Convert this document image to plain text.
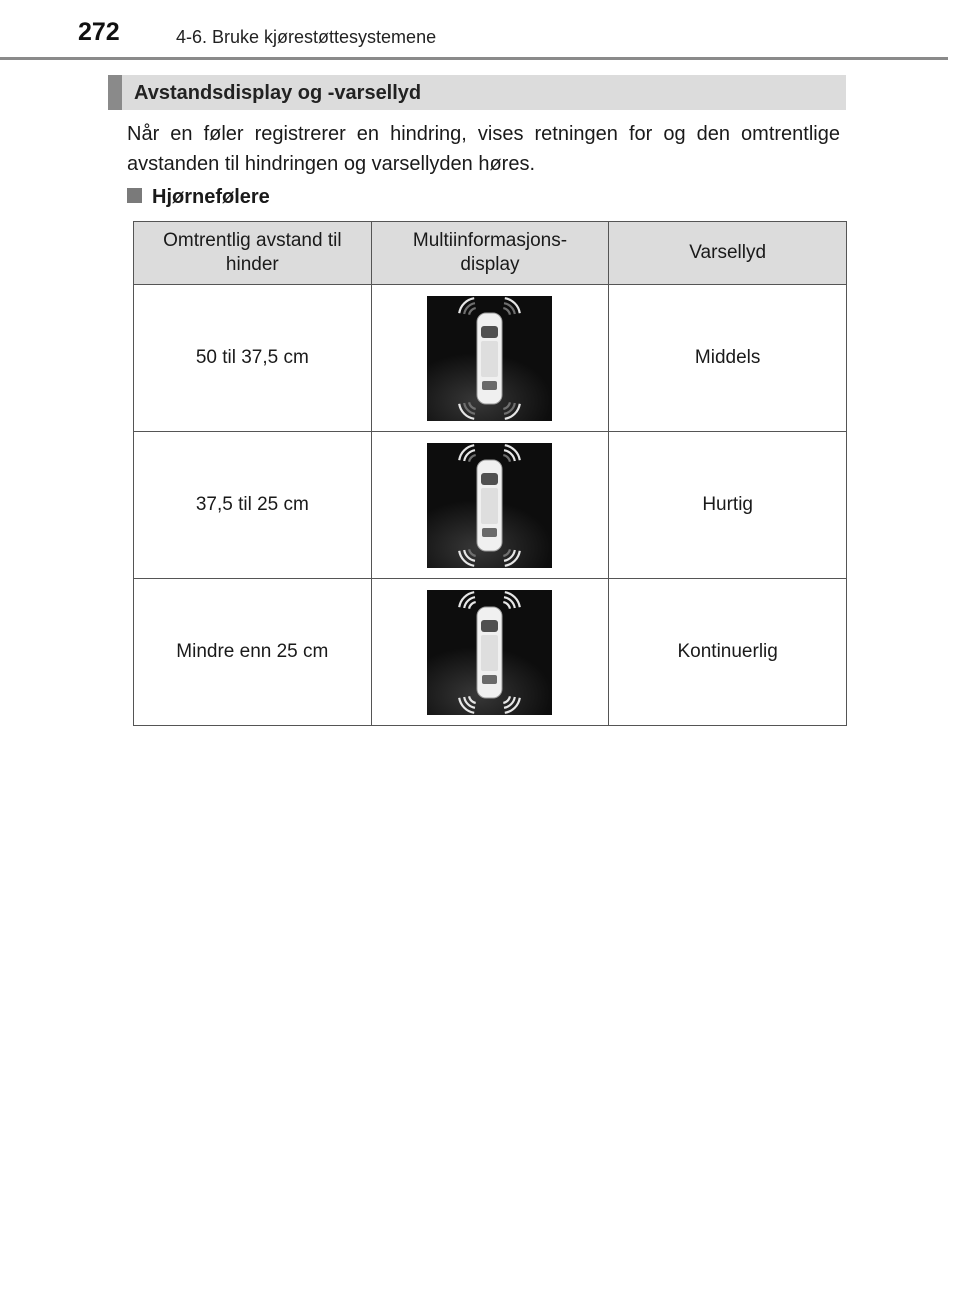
272	4-6. Bruke kjørestøttesystemene
Avstandsdisplay og -varsellyd
Når en føler registrerer en hindring, vises retningen for og den omtrentlige avstanden til hindringen og varsellyden høres.
Hjørnefølere
Omtrentlig avstand til hinder	Multiinformasjons-display	Varsellyd
50 til 37,5 cm		Middels
37,5 til 25 cm		Hurtig
Mindre enn 25 cm		Kontinuerlig
